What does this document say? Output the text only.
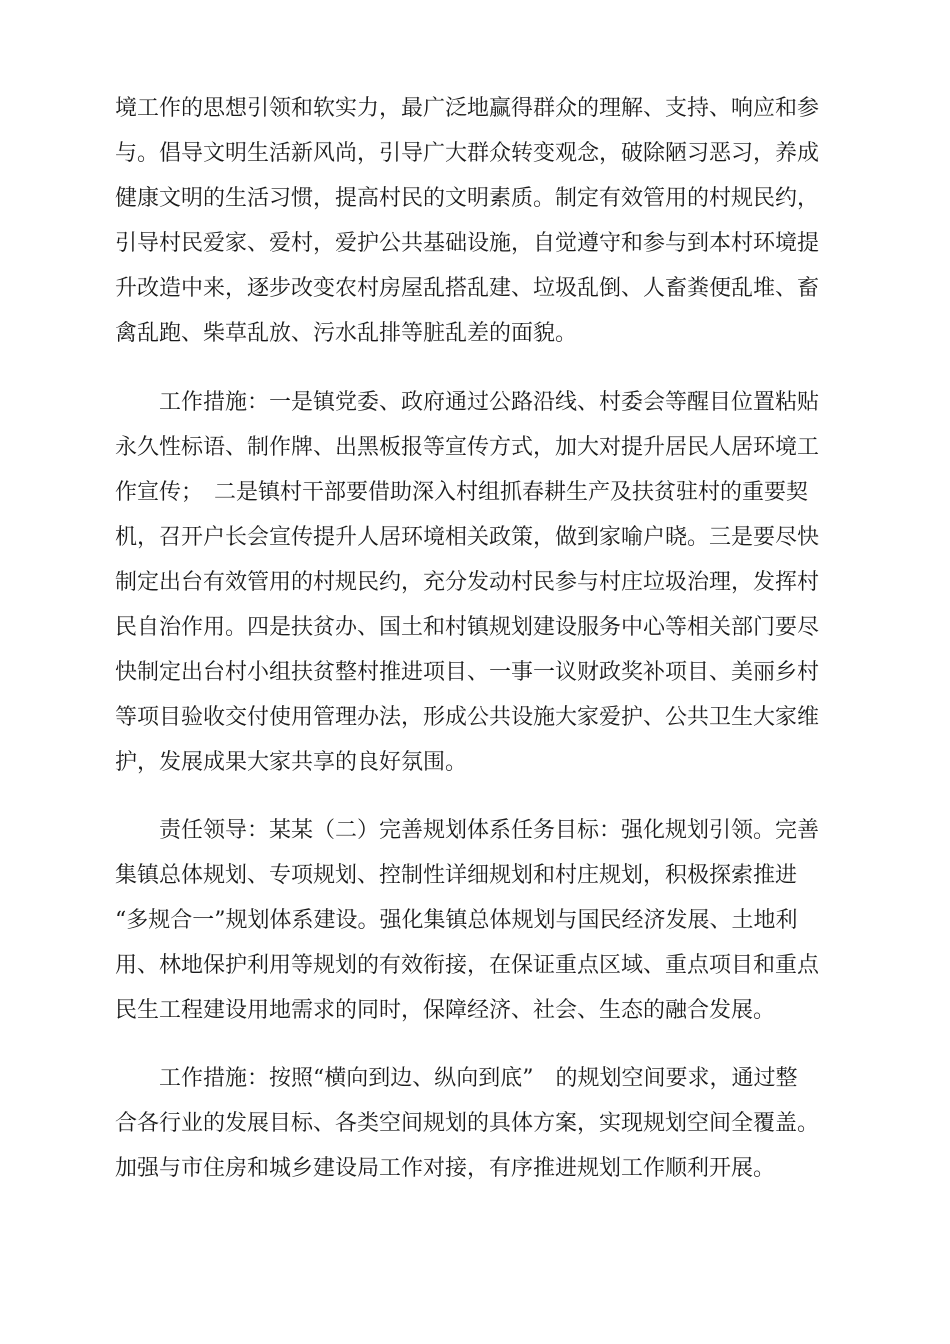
境工作的思想引领和软实力，最广泛地赢得群众的理解、支持、响应和参
与。倡导文明生活新风尚，引导广大群众转变观念，破除陋习恶习，养成
健康文明的生活习惯，提高村民的文明素质。制定有效管用的村规民约，
引导村民爱家、爱村，爱护公共基础设施，自觉遵守和参与到本村环境提
升改造中来，逐步改变农村房屋乱搭乱建、垃圾乱倒、人畜粪便乱堆、畜
禽乱跑、柴草乱放、污水乱排等脏乱差的面貌。
　　工作措施：一是镇党委、政府通过公路沿线、村委会等醒目位置粘贴
永久性标语、制作牌、出黑板报等宣传方式，加大对提升居民人居环境工
作宣传；　二是镇村干部要借助深入村组抓春耕生产及扶贫驻村的重要契
机，召开户长会宣传提升人居环境相关政策，做到家喻户晓。三是要尽快
制定出台有效管用的村规民约，充分发动村民参与村庄垃圾治理，发挥村
民自治作用。四是扶贫办、国土和村镇规划建设服务中心等相关部门要尽
快制定出台村小组扶贫整村推进项目、一事一议财政奖补项目、美丽乡村
等项目验收交付使用管理办法，形成公共设施大家爱护、公共卫生大家维
护，发展成果大家共享的良好氛围。
　　责任领导：某某（二）完善规划体系任务目标：强化规划引领。完善
集镇总体规划、专项规划、控制性详细规划和村庄规划，积极探索推进
“多规合一”规划体系建设。强化集镇总体规划与国民经济发展、土地利
用、林地保护利用等规划的有效衔接，在保证重点区域、重点项目和重点
民生工程建设用地需求的同时，保障经济、社会、生态的融合发展。
　　工作措施：按照“横向到边、纵向到底”　的规划空间要求，通过整
合各行业的发展目标、各类空间规划的具体方案，实现规划空间全覆盖。
加强与市住房和城乡建设局工作对接，有序推进规划工作顺利开展。
